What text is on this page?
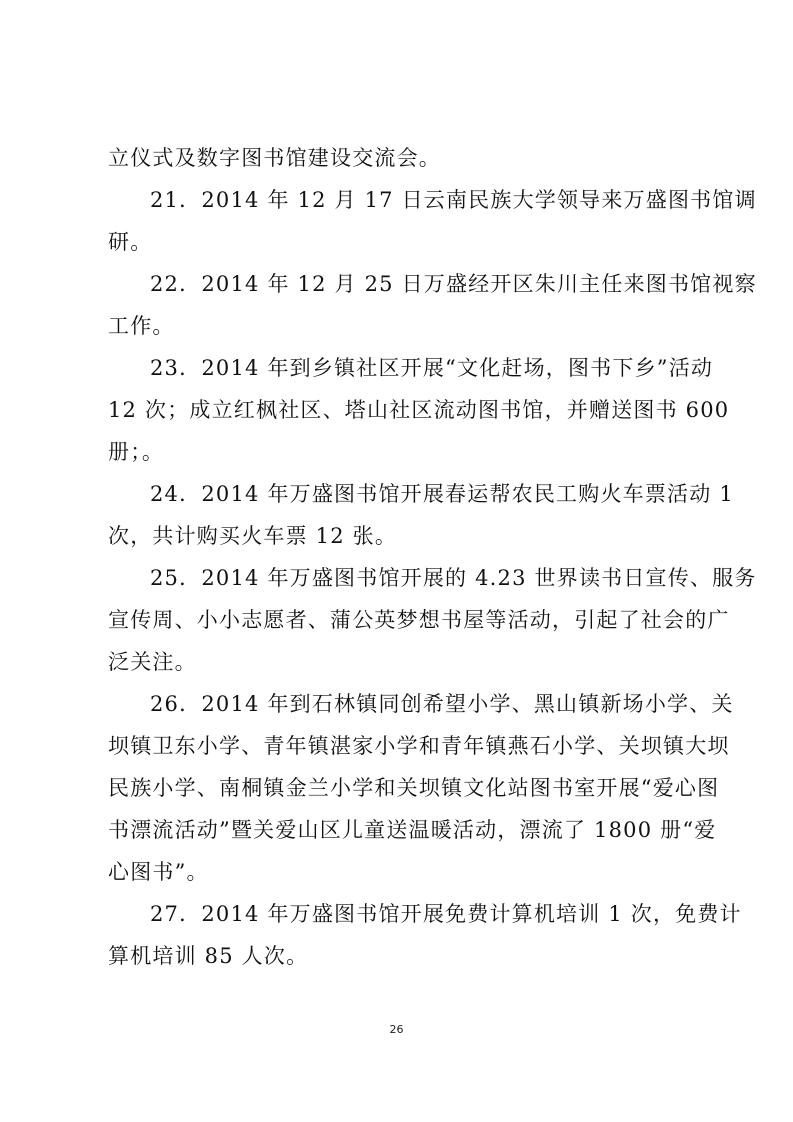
立仪式及数字图书馆建设交流会。

21．2014 年 12 月 17 日云南民族大学领导来万盛图书馆调
研。

22．2014 年 12 月 25 日万盛经开区朱川主任来图书馆视察
工作。

23．2014 年到乡镇社区开展“文化赶场，图书下乡”活动
12 次；成立红枫社区、塔山社区流动图书馆，并赠送图书 600
册；。

24．2014 年万盛图书馆开展春运帮农民工购火车票活动 1
次，共计购买火车票 12 张。

25．2014 年万盛图书馆开展的 4.23 世界读书日宣传、服务
宣传周、小小志愿者、蒲公英梦想书屋等活动，引起了社会的广
泛关注。

26．2014 年到石林镇同创希望小学、黑山镇新场小学、关
坝镇卫东小学、青年镇湛家小学和青年镇燕石小学、关坝镇大坝
民族小学、南桐镇金兰小学和关坝镇文化站图书室开展“爱心图
书漂流活动”暨关爱山区儿童送温暖活动，漂流了 1800 册“爱
心图书”。

27．2014 年万盛图书馆开展免费计算机培训 1 次，免费计
算机培训 85 人次。

26
